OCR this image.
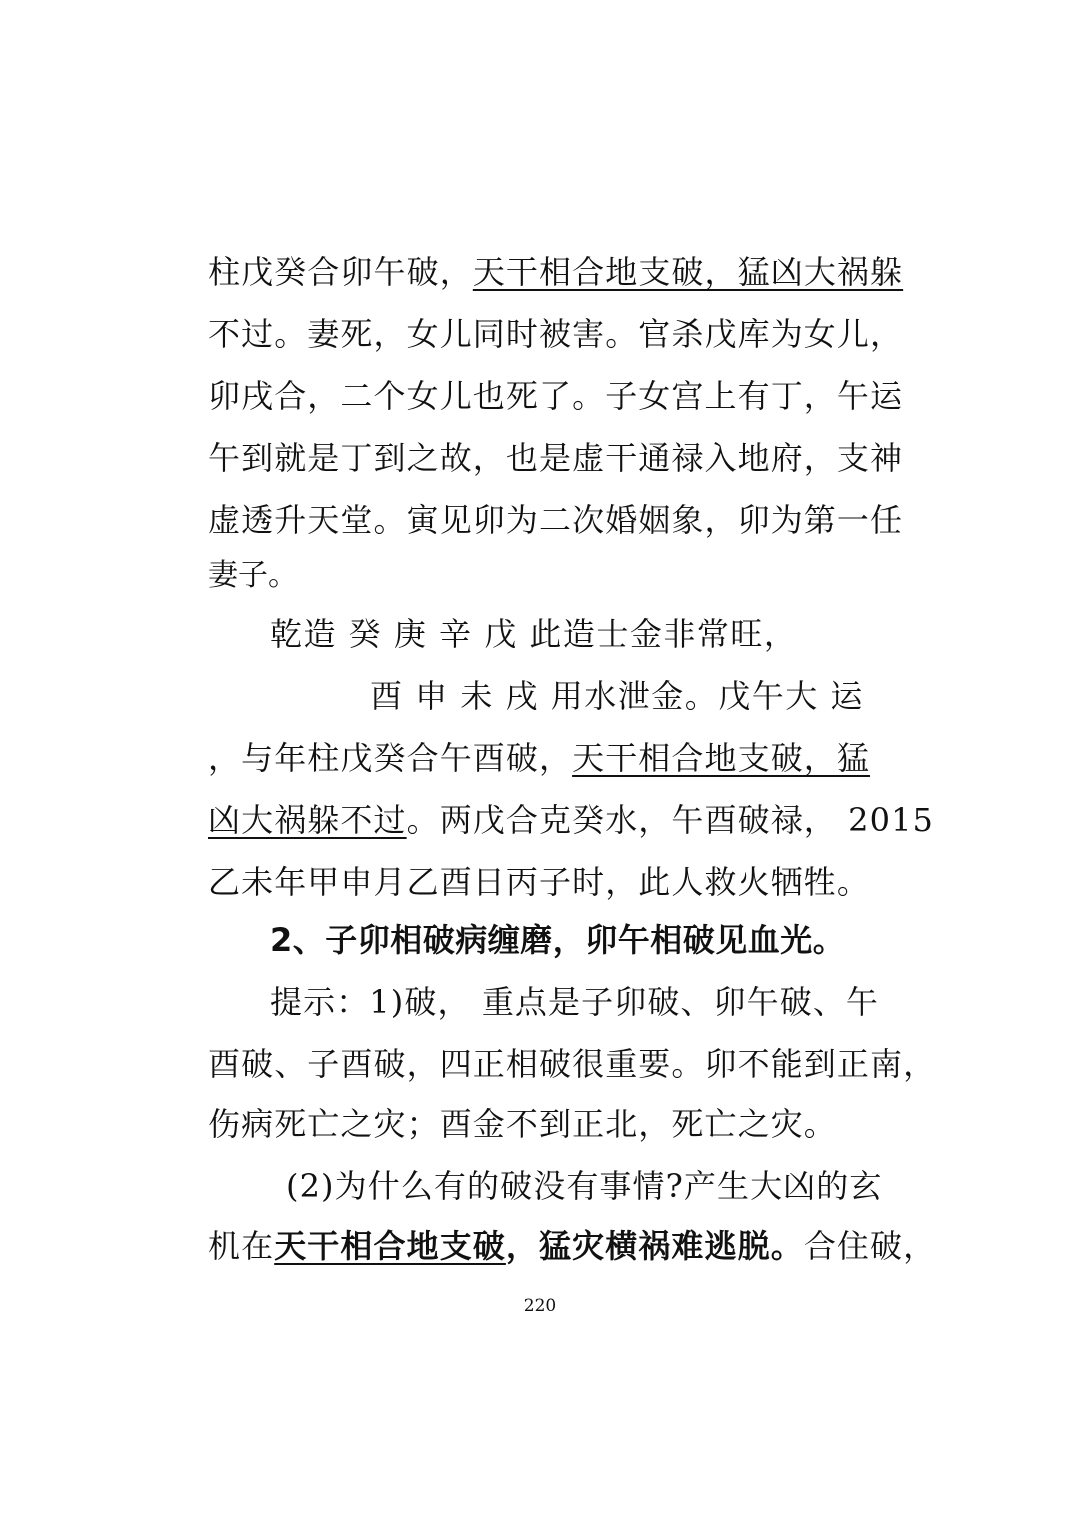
柱戊癸合卯午破，天干相合地支破，猛凶大祸躲
不过。妻死，女儿同时被害。官杀戊库为女儿，
卯戌合，二个女儿也死了。子女宫上有丁，午运
午到就是丁到之故，也是虚干通禄入地府，支神
虚透升天堂。寅见卯为二次婚姻象，卯为第一任
妻子。
乾造 癸 庚 辛 戊 此造士金非常旺，
酉 申 未 戌 用水泄金。戊午大 运
，与年柱戊癸合午酉破，天干相合地支破，猛
凶大祸躲不过。两戊合克癸水，午酉破禄， 2015
乙未年甲申月乙酉日丙子时，此人救火牺牲。
2、子卯相破病缠磨，卯午相破见血光。
提示：1)破， 重点是子卯破、卯午破、午
酉破、子酉破，四正相破很重要。卯不能到正南，
伤病死亡之灾；酉金不到正北，死亡之灾。
(2)为什么有的破没有事情?产生大凶的玄
机在天干相合地支破，猛灾横祸难逃脱。合住破，
220
